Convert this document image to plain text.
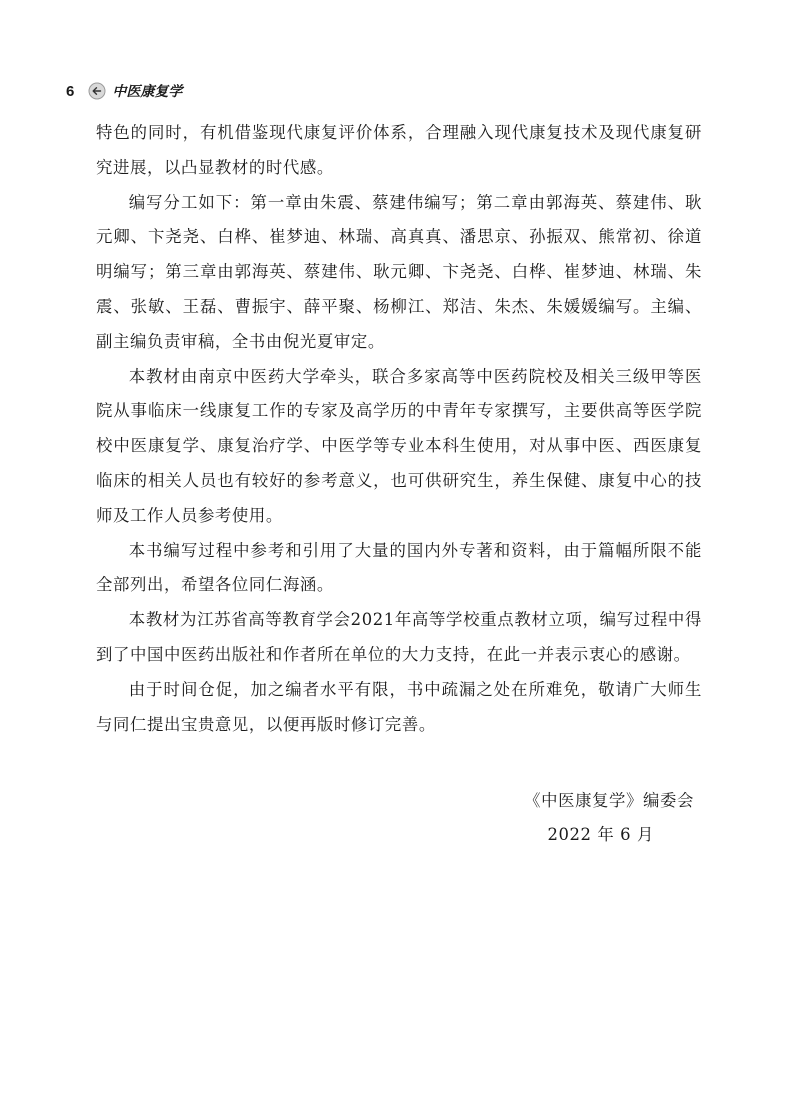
6	中医康复学

特色的同时，有机借鉴现代康复评价体系，合理融入现代康复技术及现代康复研究进展，以凸显教材的时代感。

编写分工如下：第一章由朱震、蔡建伟编写；第二章由郭海英、蔡建伟、耿元卿、卞尧尧、白桦、崔梦迪、林瑞、高真真、潘思京、孙振双、熊常初、徐道明编写；第三章由郭海英、蔡建伟、耿元卿、卞尧尧、白桦、崔梦迪、林瑞、朱震、张敏、王磊、曹振宇、薛平聚、杨柳江、郑洁、朱杰、朱媛媛编写。主编、副主编负责审稿，全书由倪光夏审定。

本教材由南京中医药大学牵头，联合多家高等中医药院校及相关三级甲等医院从事临床一线康复工作的专家及高学历的中青年专家撰写，主要供高等医学院校中医康复学、康复治疗学、中医学等专业本科生使用，对从事中医、西医康复临床的相关人员也有较好的参考意义，也可供研究生，养生保健、康复中心的技师及工作人员参考使用。

本书编写过程中参考和引用了大量的国内外专著和资料，由于篇幅所限不能全部列出，希望各位同仁海涵。

本教材为江苏省高等教育学会2021年高等学校重点教材立项，编写过程中得到了中国中医药出版社和作者所在单位的大力支持，在此一并表示衷心的感谢。

由于时间仓促，加之编者水平有限，书中疏漏之处在所难免，敬请广大师生与同仁提出宝贵意见，以便再版时修订完善。

《中医康复学》编委会
2022 年 6 月
